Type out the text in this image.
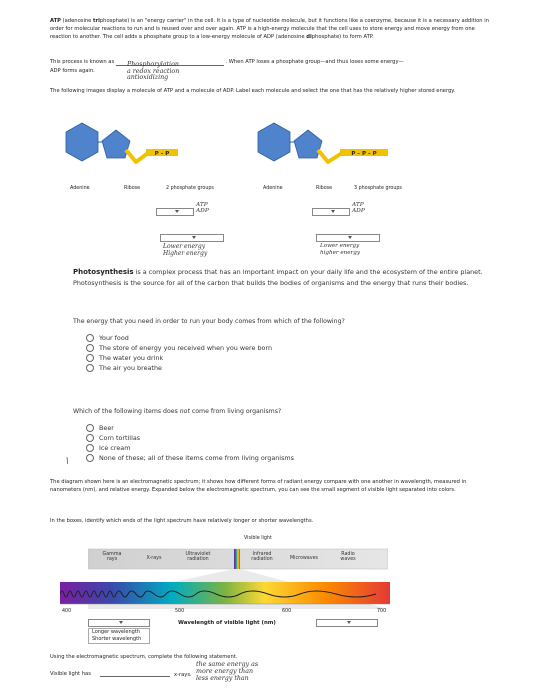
ATP (adenosine triphosphate) is an "energy carrier" in the cell. It is a type of nucleotide molecule, but it functions like a coenzyme, because it is a necessary addition in order for molecular reactions to run and is reused over and over again. ATP is a high-energy molecule that the cell uses to store energy and move energy from one reaction to another. The cell adds a phosphate group to a low-energy molecule of ADP (adenosine diphosphate) to form ATP.
This process is known as	. When ATP loses a phosphate group—and thus loses some energy—
ADP forms again.
Phosphorylation
a redox reaction
antioxidizing
The following images display a molecule of ATP and a molecule of ADP. Label each molecule and select the one that has the relatively higher stored energy.
P – P	P – P – P
Adenine	Ribose	2 phosphate groups	Adenine	Ribose	3 phosphate groups
ATP
ADP
Lower energy
Higher energy
ATP
ADP
Lower energy
higher energy
Photosynthesis is a complex process that has an important impact on your daily life and the ecosystem of the entire planet. Photosynthesis is the source for all of the carbon that builds the bodies of organisms and the energy that runs their bodies.
The energy that you need in order to run your body comes from which of the following?
Your food
The store of energy you received when you were born
The water you drink
The air you breathe
Which of the following items does not come from living organisms?
Beer
Corn tortillas
Ice cream
None of these; all of these items come from living organisms
\
The diagram shown here is an electromagnetic spectrum; it shows how different forms of radiant energy compare with one another in wavelength, measured in nanometers (nm), and relative energy. Expanded below the electromagnetic spectrum, you can see the small segment of visible light separated into colors.
In the boxes, identify which ends of the light spectrum have relatively longer or shorter wavelengths.
Visible light
Gamma rays	X-rays
Ultraviolet radiation
Infrared radiation	Microwaves
Radio waves
400	500	600	700
Wavelength of visible light (nm)
Longer wavelength
Shorter wavelength
Using the electromagnetic spectrum, complete the following statement.
Visible light has	x-rays.
the same energy as
more energy than
less energy than
